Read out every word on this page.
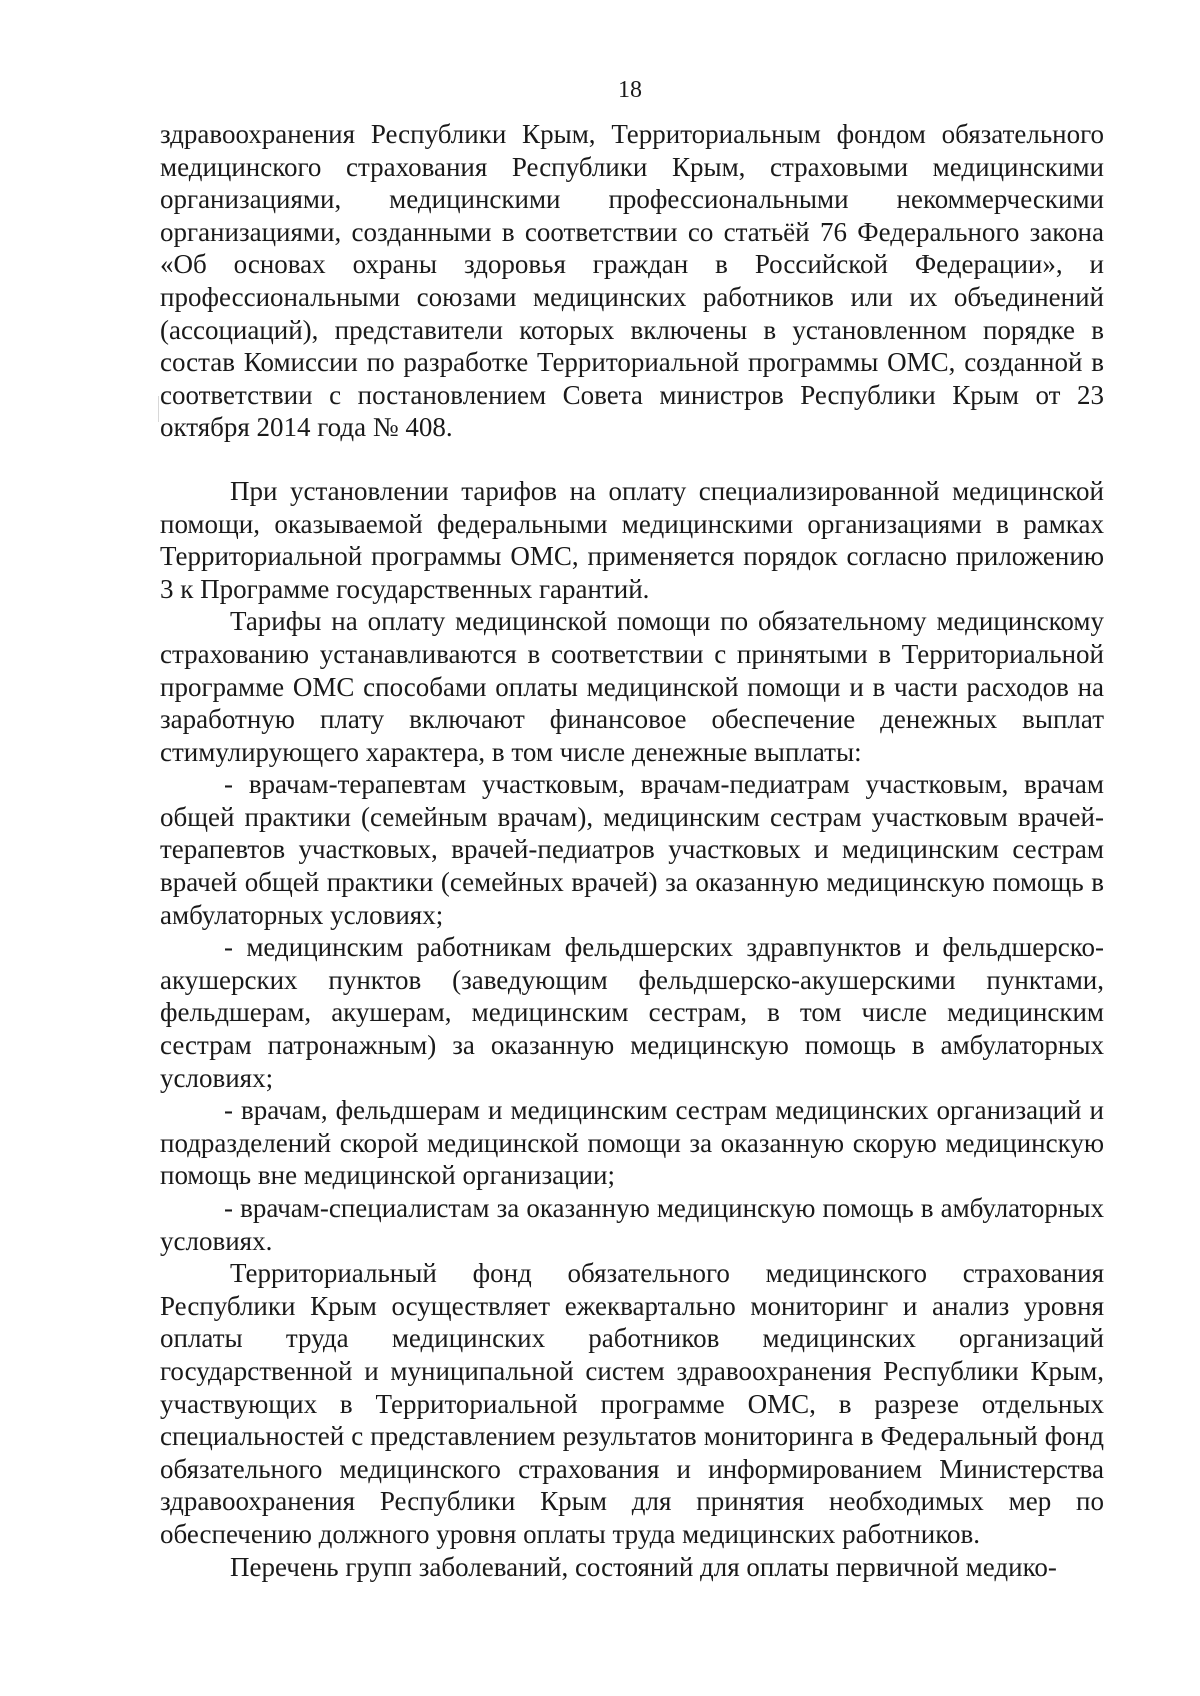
18

здравоохранения Республики Крым, Территориальным фондом обязательного медицинского страхования Республики Крым, страховыми медицинскими организациями, медицинскими профессиональными некоммерческими организациями, созданными в соответствии со статьёй 76 Федерального закона «Об основах охраны здоровья граждан в Российской Федерации», и профессиональными союзами медицинских работников или их объединений (ассоциаций), представители которых включены в установленном порядке в состав Комиссии по разработке Территориальной программы ОМС, созданной в соответствии с постановлением Совета министров Республики Крым от 23 октября 2014 года № 408.

При установлении тарифов на оплату специализированной медицинской помощи, оказываемой федеральными медицинскими организациями в рамках Территориальной программы ОМС, применяется порядок согласно приложению 3 к Программе государственных гарантий.

Тарифы на оплату медицинской помощи по обязательному медицинскому страхованию устанавливаются в соответствии с принятыми в Территориальной программе ОМС способами оплаты медицинской помощи и в части расходов на заработную плату включают финансовое обеспечение денежных выплат стимулирующего характера, в том числе денежные выплаты:

- врачам-терапевтам участковым, врачам-педиатрам участковым, врачам общей практики (семейным врачам), медицинским сестрам участковым врачей-терапевтов участковых, врачей-педиатров участковых и медицинским сестрам врачей общей практики (семейных врачей) за оказанную медицинскую помощь в амбулаторных условиях;

- медицинским работникам фельдшерских здравпунктов и фельдшерско-акушерских пунктов (заведующим фельдшерско-акушерскими пунктами, фельдшерам, акушерам, медицинским сестрам, в том числе медицинским сестрам патронажным) за оказанную медицинскую помощь в амбулаторных условиях;

- врачам, фельдшерам и медицинским сестрам медицинских организаций и подразделений скорой медицинской помощи за оказанную скорую медицинскую помощь вне медицинской организации;

- врачам-специалистам за оказанную медицинскую помощь в амбулаторных условиях.

Территориальный фонд обязательного медицинского страхования Республики Крым осуществляет ежеквартально мониторинг и анализ уровня оплаты труда медицинских работников медицинских организаций государственной и муниципальной систем здравоохранения Республики Крым, участвующих в Территориальной программе ОМС, в разрезе отдельных специальностей с представлением результатов мониторинга в Федеральный фонд обязательного медицинского страхования и информированием Министерства здравоохранения Республики Крым для принятия необходимых мер по обеспечению должного уровня оплаты труда медицинских работников.

Перечень групп заболеваний, состояний для оплаты первичной медико-
